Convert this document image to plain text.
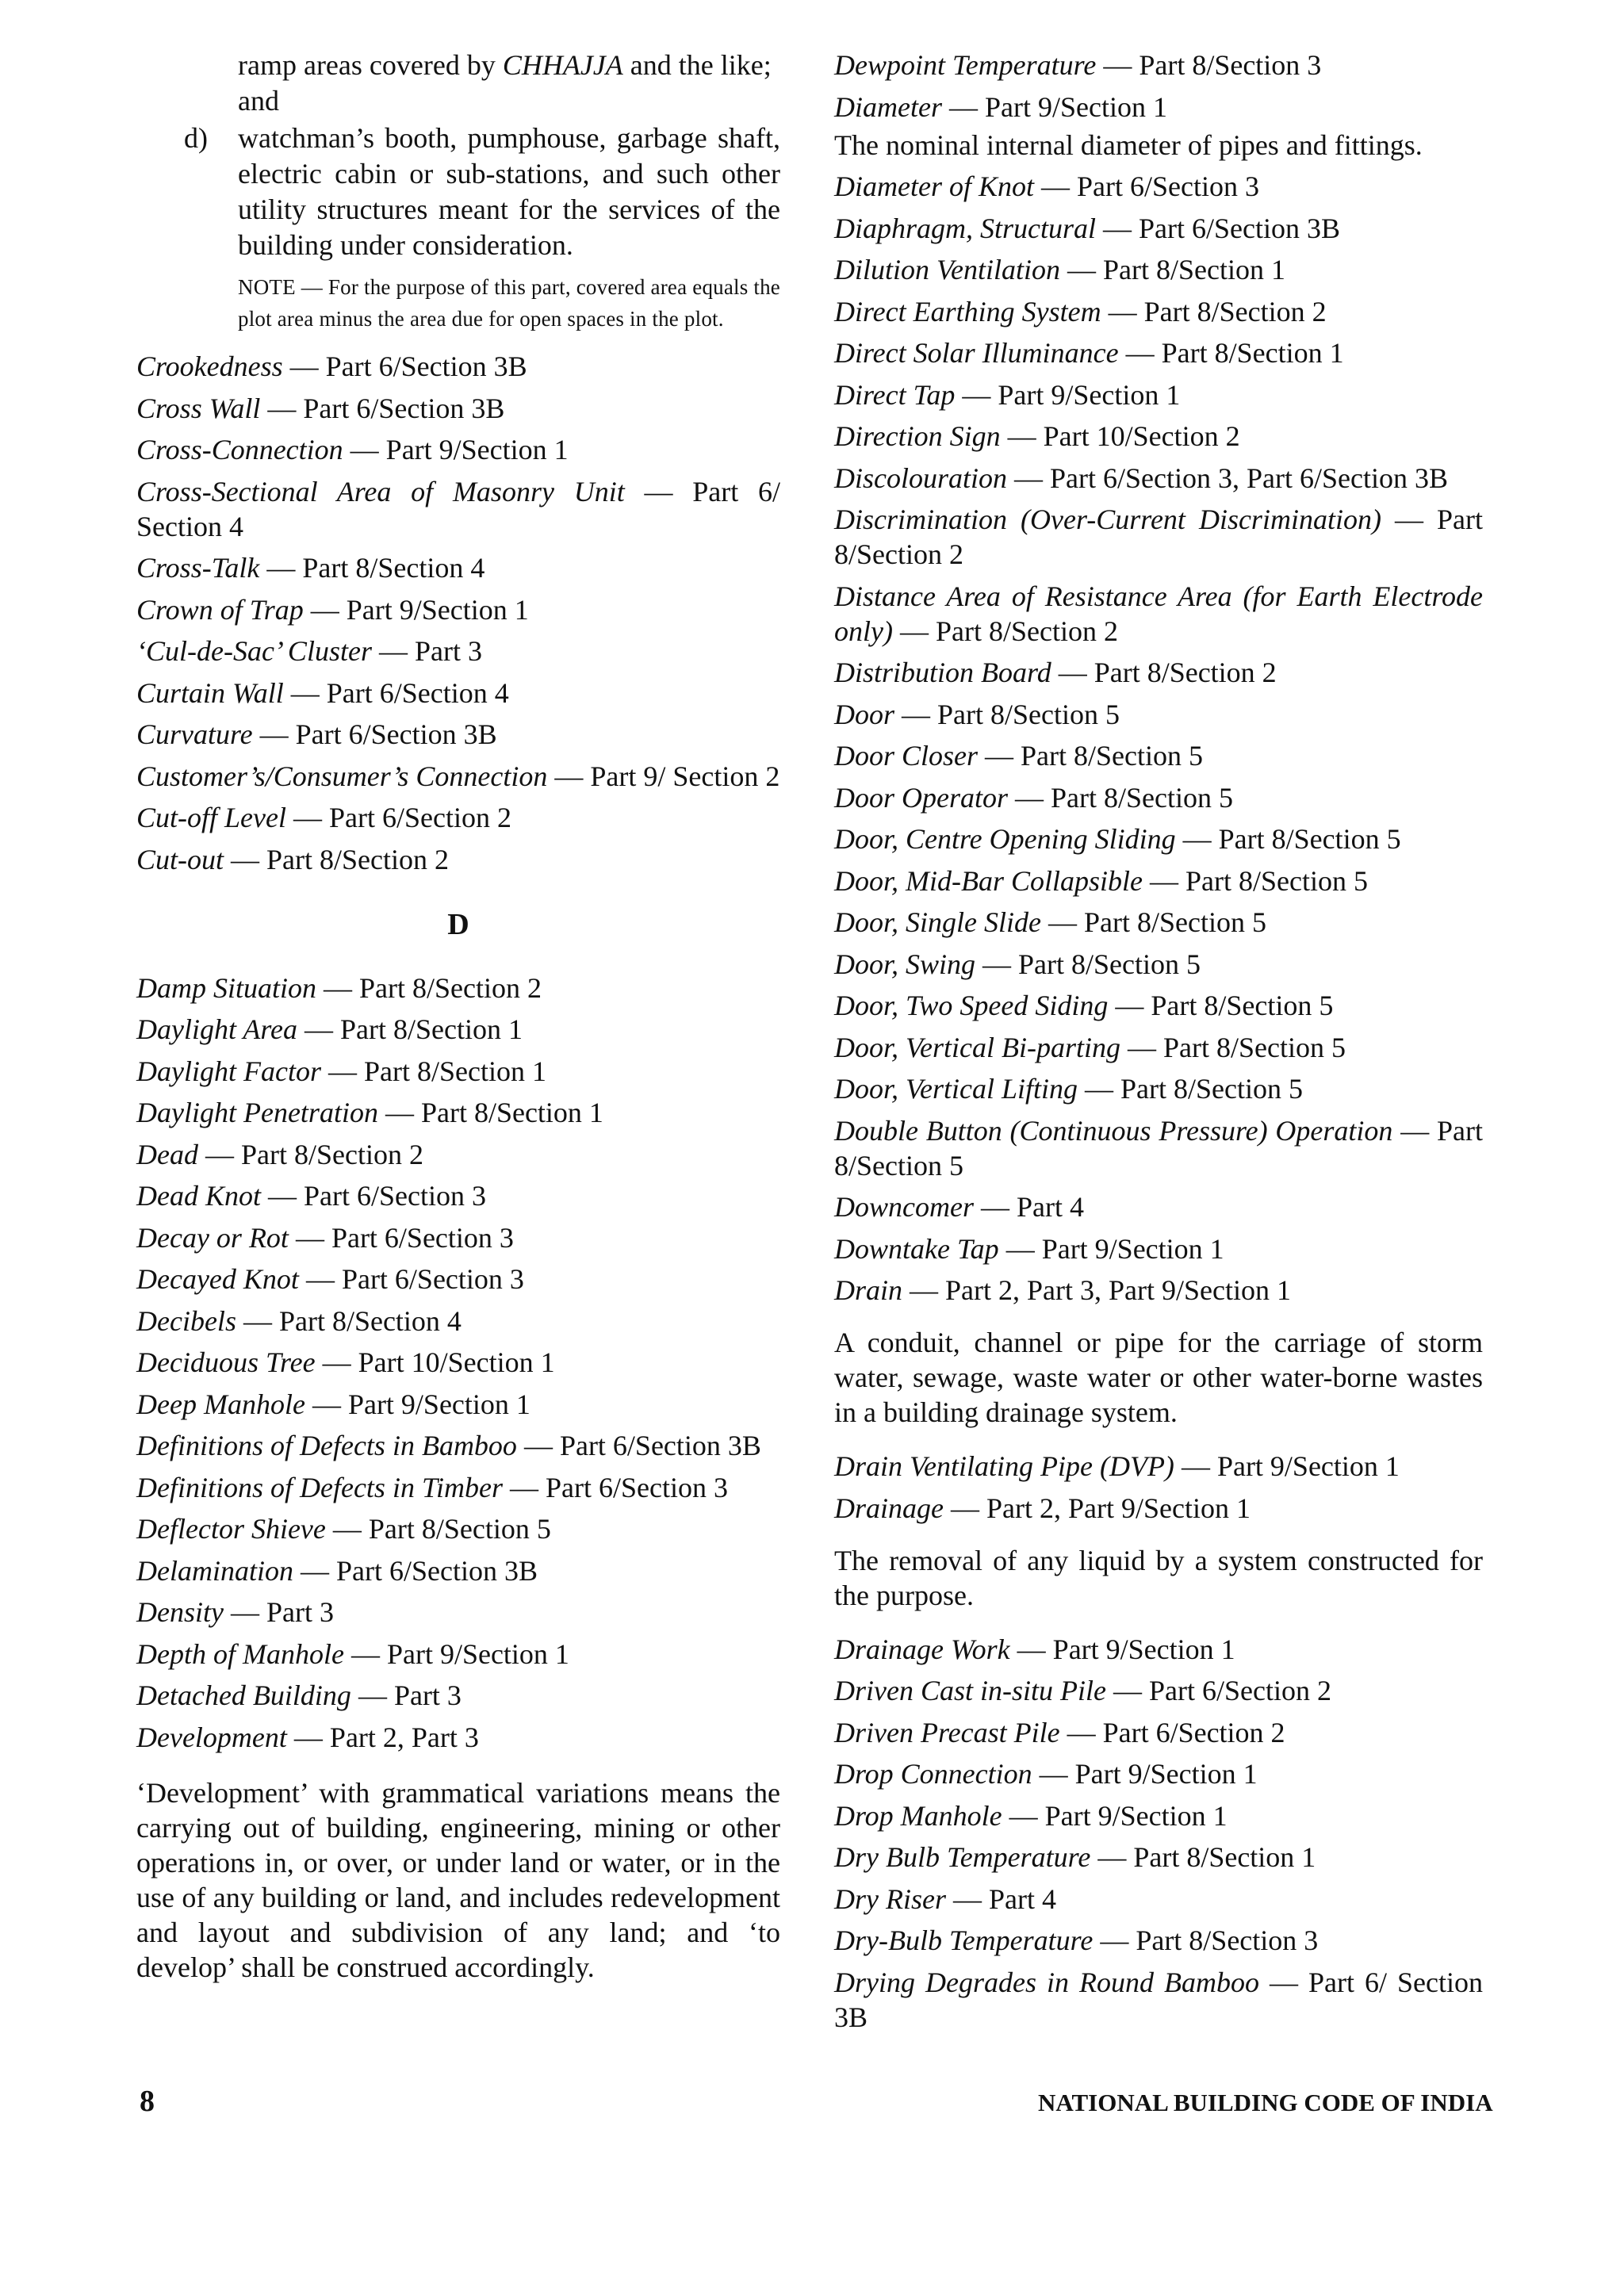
ramp areas covered by CHHAJJA and the like;
and
d) watchman’s booth, pumphouse, garbage shaft, electric cabin or sub-stations, and such other utility structures meant for the services of the building under consideration.
NOTE — For the purpose of this part, covered area equals the plot area minus the area due for open spaces in the plot.
Crookedness — Part 6/Section 3B
Cross Wall — Part 6/Section 3B
Cross-Connection — Part 9/Section 1
Cross-Sectional Area of Masonry Unit — Part 6/ Section 4
Cross-Talk — Part 8/Section 4
Crown of Trap — Part 9/Section 1
‘Cul-de-Sac’ Cluster — Part 3
Curtain Wall — Part 6/Section 4
Curvature — Part 6/Section 3B
Customer’s/Consumer’s Connection — Part 9/ Section 2
Cut-off Level — Part 6/Section 2
Cut-out — Part 8/Section 2
D
Damp Situation — Part 8/Section 2
Daylight Area — Part 8/Section 1
Daylight Factor — Part 8/Section 1
Daylight Penetration — Part 8/Section 1
Dead — Part 8/Section 2
Dead Knot — Part 6/Section 3
Decay or Rot — Part 6/Section 3
Decayed Knot — Part 6/Section 3
Decibels — Part 8/Section 4
Deciduous Tree — Part 10/Section 1
Deep Manhole — Part 9/Section 1
Definitions of Defects in Bamboo — Part 6/Section 3B
Definitions of Defects in Timber — Part 6/Section 3
Deflector Shieve — Part 8/Section 5
Delamination — Part 6/Section 3B
Density — Part 3
Depth of Manhole — Part 9/Section 1
Detached Building — Part 3
Development — Part 2, Part 3
‘Development’ with grammatical variations means the carrying out of building, engineering, mining or other operations in, or over, or under land or water, or in the use of any building or land, and includes redevelopment and layout and subdivision of any land; and ‘to develop’ shall be construed accordingly.
Dewpoint Temperature — Part 8/Section 3
Diameter — Part 9/Section 1
The nominal internal diameter of pipes and fittings.
Diameter of Knot — Part 6/Section 3
Diaphragm, Structural — Part 6/Section 3B
Dilution Ventilation — Part 8/Section 1
Direct Earthing System — Part 8/Section 2
Direct Solar Illuminance — Part 8/Section 1
Direct Tap — Part 9/Section 1
Direction Sign — Part 10/Section 2
Discolouration — Part 6/Section 3, Part 6/Section 3B
Discrimination (Over-Current Discrimination) — Part 8/Section 2
Distance Area of Resistance Area (for Earth Electrode only) — Part 8/Section 2
Distribution Board — Part 8/Section 2
Door — Part 8/Section 5
Door Closer — Part 8/Section 5
Door Operator — Part 8/Section 5
Door, Centre Opening Sliding — Part 8/Section 5
Door, Mid-Bar Collapsible — Part 8/Section 5
Door, Single Slide — Part 8/Section 5
Door, Swing — Part 8/Section 5
Door, Two Speed Siding — Part 8/Section 5
Door, Vertical Bi-parting — Part 8/Section 5
Door, Vertical Lifting — Part 8/Section 5
Double Button (Continuous Pressure) Operation — Part 8/Section 5
Downcomer — Part 4
Downtake Tap — Part 9/Section 1
Drain — Part 2, Part 3, Part 9/Section 1
A conduit, channel or pipe for the carriage of storm water, sewage, waste water or other water-borne wastes in a building drainage system.
Drain Ventilating Pipe (DVP) — Part 9/Section 1
Drainage — Part 2, Part 9/Section 1
The removal of any liquid by a system constructed for the purpose.
Drainage Work — Part 9/Section 1
Driven Cast in-situ Pile — Part 6/Section 2
Driven Precast Pile — Part 6/Section 2
Drop Connection — Part 9/Section 1
Drop Manhole — Part 9/Section 1
Dry Bulb Temperature — Part 8/Section 1
Dry Riser — Part 4
Dry-Bulb Temperature — Part 8/Section 3
Drying Degrades in Round Bamboo — Part 6/ Section 3B
8	NATIONAL BUILDING CODE OF INDIA
